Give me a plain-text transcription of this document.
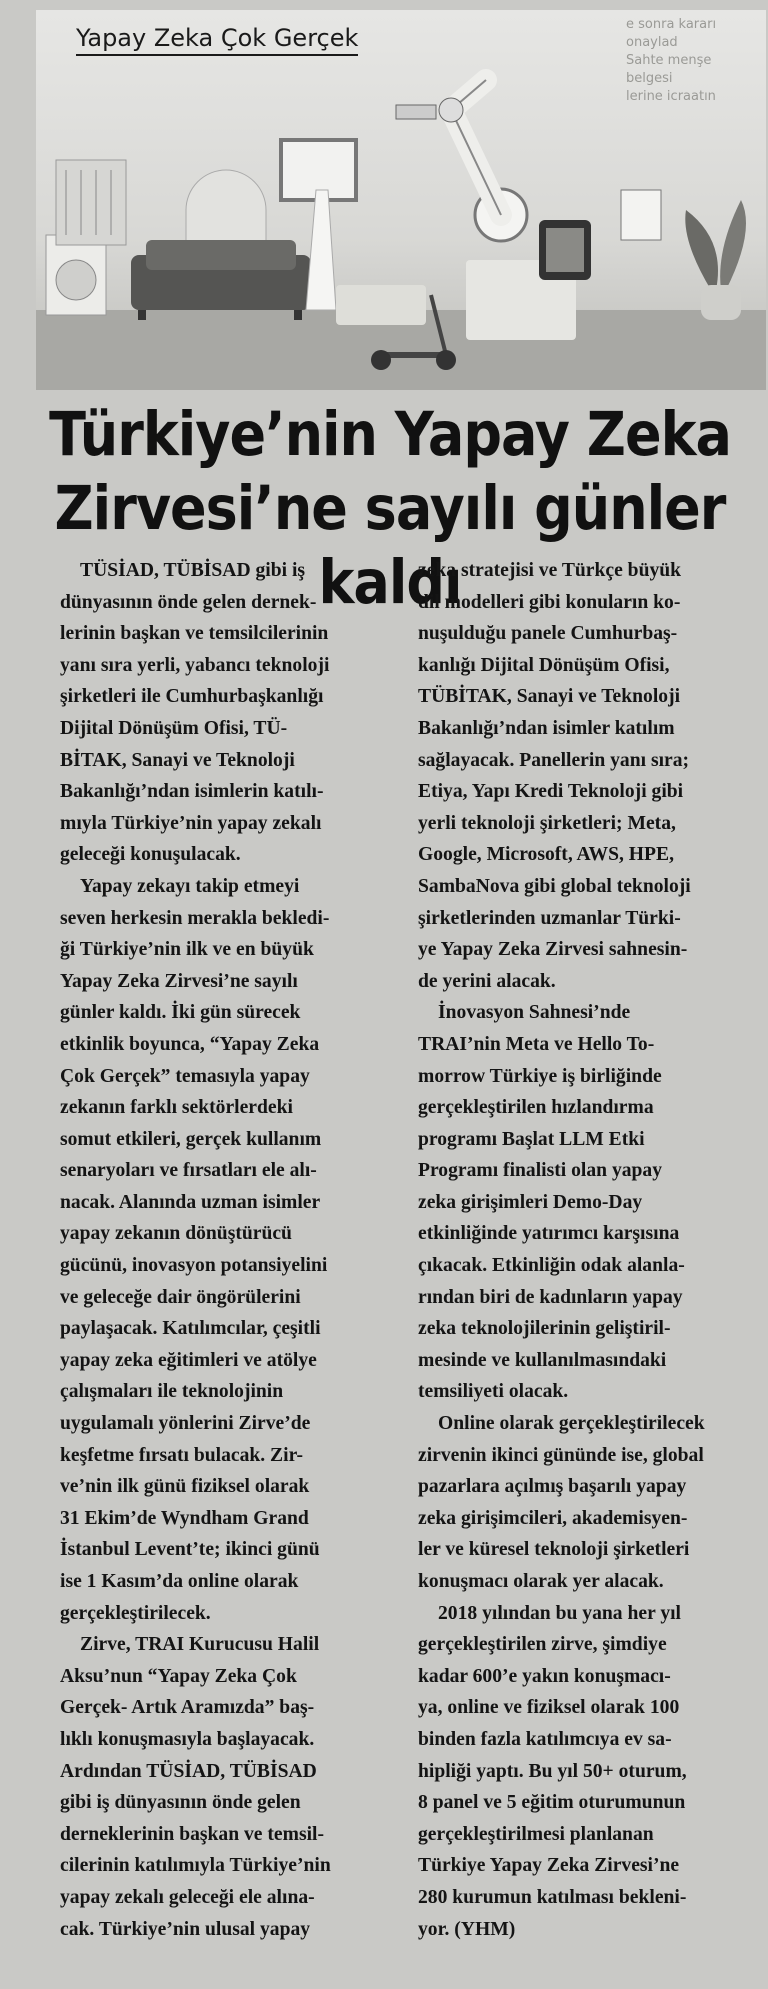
e sonra kararı onaylad
Sahte menşe belgesi
lerine icraatın
Yapay Zeka Çok Gerçek
Türkiye’nin Yapay Zeka Zirvesi’ne sayılı günler kaldı

TÜSİAD, TÜBİSAD gibi iş
dünyasının önde gelen dernek-
lerinin başkan ve temsilcilerinin
yanı sıra yerli, yabancı teknoloji
şirketleri ile Cumhurbaşkanlığı
Dijital Dönüşüm Ofisi, TÜ-
BİTAK, Sanayi ve Teknoloji
Bakanlığı’ndan isimlerin katılı-
mıyla Türkiye’nin yapay zekalı
geleceği konuşulacak.

Yapay zekayı takip etmeyi
seven herkesin merakla bekledi-
ği Türkiye’nin ilk ve en büyük
Yapay Zeka Zirvesi’ne sayılı
günler kaldı. İki gün sürecek
etkinlik boyunca, “Yapay Zeka
Çok Gerçek” temasıyla yapay
zekanın farklı sektörlerdeki
somut etkileri, gerçek kullanım
senaryoları ve fırsatları ele alı-
nacak. Alanında uzman isimler
yapay zekanın dönüştürücü
gücünü, inovasyon potansiyelini
ve geleceğe dair öngörülerini
paylaşacak. Katılımcılar, çeşitli
yapay zeka eğitimleri ve atölye
çalışmaları ile teknolojinin
uygulamalı yönlerini Zirve’de
keşfetme fırsatı bulacak. Zir-
ve’nin ilk günü fiziksel olarak
31 Ekim’de Wyndham Grand
İstanbul Levent’te; ikinci günü
ise 1 Kasım’da online olarak
gerçekleştirilecek.

Zirve, TRAI Kurucusu Halil
Aksu’nun “Yapay Zeka Çok
Gerçek- Artık Aramızda” baş-
lıklı konuşmasıyla başlayacak.
Ardından TÜSİAD, TÜBİSAD
gibi iş dünyasının önde gelen
derneklerinin başkan ve temsil-
cilerinin katılımıyla Türkiye’nin
yapay zekalı geleceği ele alına-
cak. Türkiye’nin ulusal yapay

zeka stratejisi ve Türkçe büyük
dil modelleri gibi konuların ko-
nuşulduğu panele Cumhurbaş-
kanlığı Dijital Dönüşüm Ofisi,
TÜBİTAK, Sanayi ve Teknoloji
Bakanlığı’ndan isimler katılım
sağlayacak. Panellerin yanı sıra;
Etiya, Yapı Kredi Teknoloji gibi
yerli teknoloji şirketleri; Meta,
Google, Microsoft, AWS, HPE,
SambaNova gibi global teknoloji
şirketlerinden uzmanlar Türki-
ye Yapay Zeka Zirvesi sahnesin-
de yerini alacak.

İnovasyon Sahnesi’nde
TRAI’nin Meta ve Hello To-
morrow Türkiye iş birliğinde
gerçekleştirilen hızlandırma
programı Başlat LLM Etki
Programı finalisti olan yapay
zeka girişimleri Demo-Day
etkinliğinde yatırımcı karşısına
çıkacak. Etkinliğin odak alanla-
rından biri de kadınların yapay
zeka teknolojilerinin geliştiril-
mesinde ve kullanılmasındaki
temsiliyeti olacak.

Online olarak gerçekleştirilecek
zirvenin ikinci gününde ise, global
pazarlara açılmış başarılı yapay
zeka girişimcileri, akademisyen-
ler ve küresel teknoloji şirketleri
konuşmacı olarak yer alacak.

2018 yılından bu yana her yıl
gerçekleştirilen zirve, şimdiye
kadar 600’e yakın konuşmacı-
ya, online ve fiziksel olarak 100
binden fazla katılımcıya ev sa-
hipliği yaptı. Bu yıl 50+ oturum,
8 panel ve 5 eğitim oturumunun
gerçekleştirilmesi planlanan
Türkiye Yapay Zeka Zirvesi’ne
280 kurumun katılması bekleni-
yor. (YHM)
